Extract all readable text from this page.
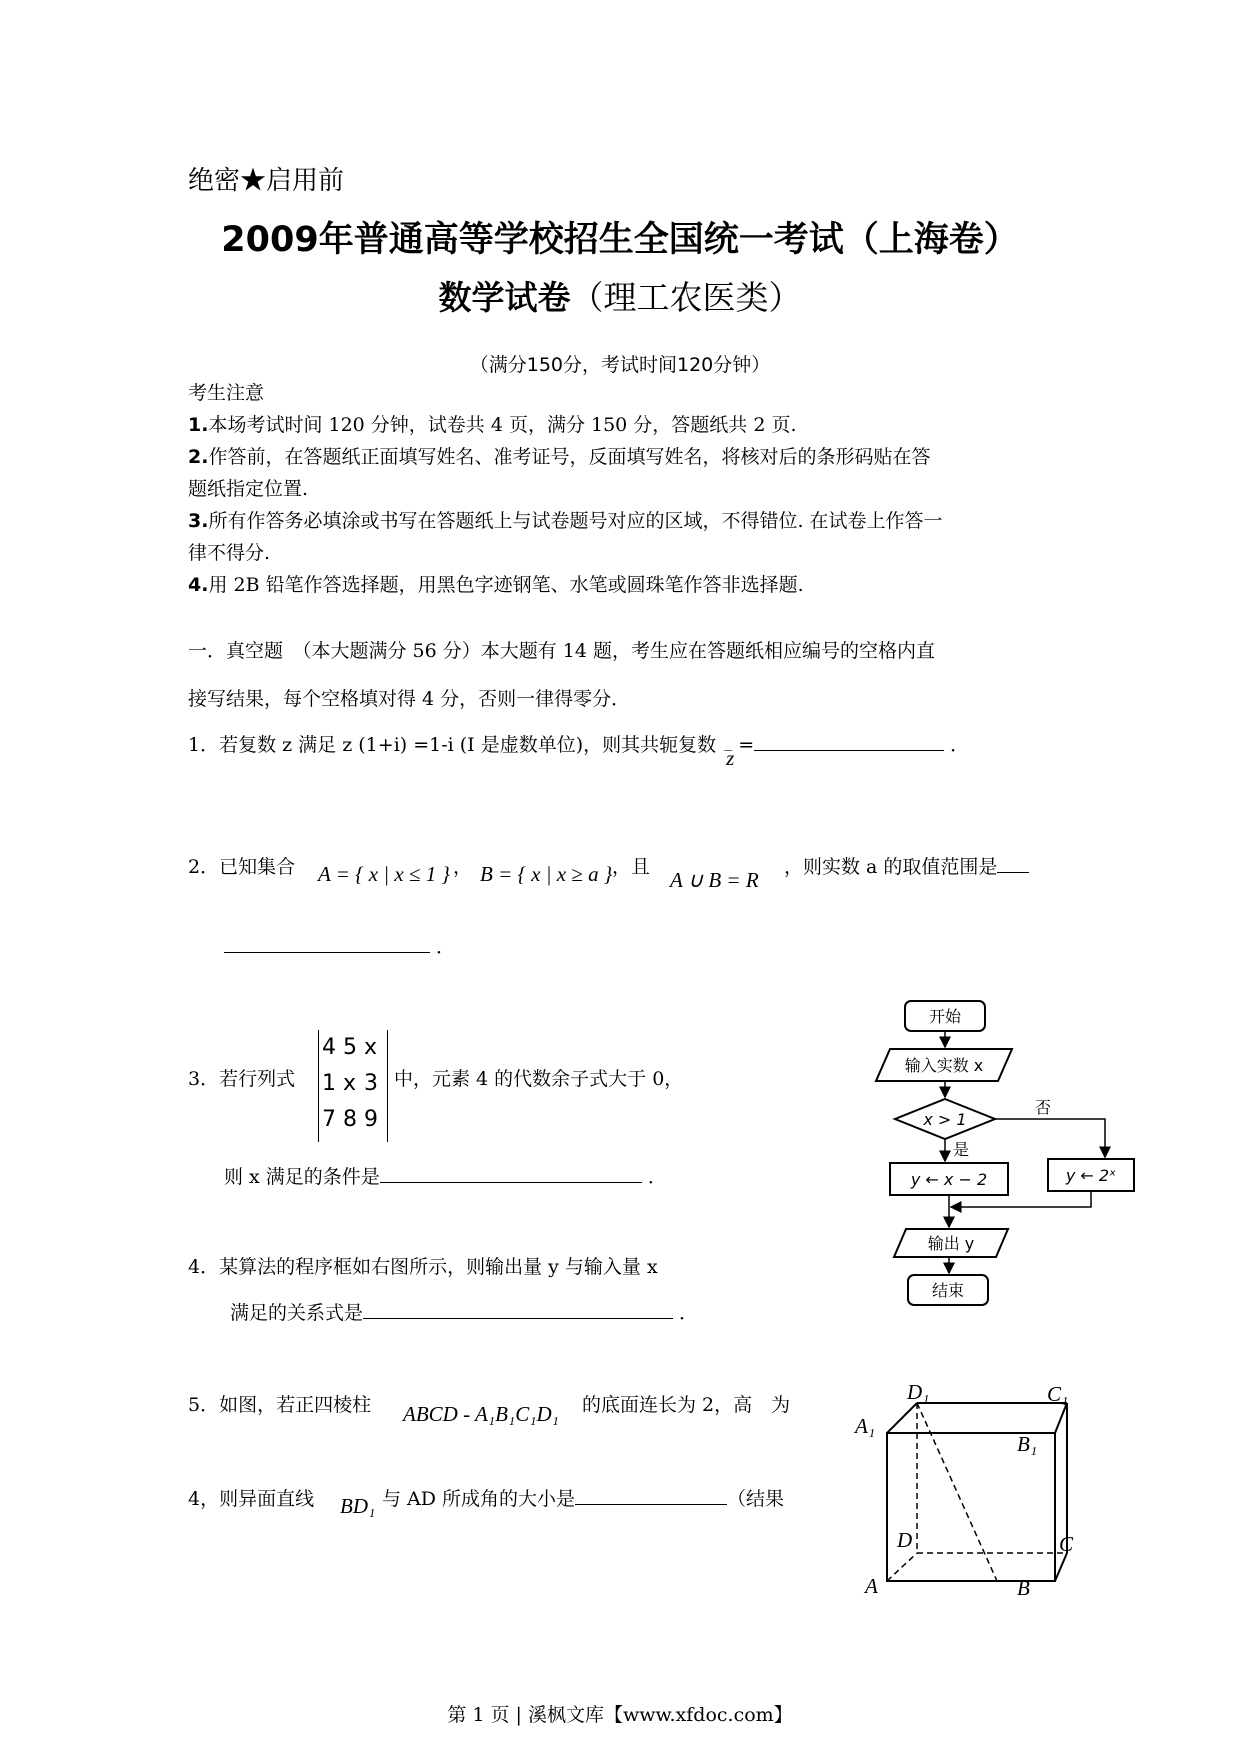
绝密★启用前
2009年普通高等学校招生全国统一考试（上海卷）
数学试卷（理工农医类）
（满分150分，考试时间120分钟）
考生注意
1.本场考试时间 120 分钟，试卷共 4 页，满分 150 分，答题纸共 2 页.
2.作答前，在答题纸正面填写姓名、准考证号，反面填写姓名，将核对后的条形码贴在答
题纸指定位置.
3.所有作答务必填涂或书写在答题纸上与试卷题号对应的区域，不得错位. 在试卷上作答一
律不得分.
4.用 2B 铅笔作答选择题，用黑色字迹钢笔、水笔或圆珠笔作答非选择题.
一．真空题　（本大题满分 56 分）本大题有 14 题，考生应在答题纸相应编号的空格内直
接写结果，每个空格填对得 4 分，否则一律得零分．
1．若复数 z 满足 z (1+i) =1-i (I 是虚数单位)，则其共轭复数 _
z=	．
2．已知集合 A = { x | x ≤ 1 } ， B = { x | x ≥ a } ，且
A ∪ B = R
，则实数 a 的取值范围是
．
3．若行列式
4 5 x
1 x 3
7 8 9
中，元素 4 的代数余子式大于 0，
则 x 满足的条件是	．
4．某算法的程序框如右图所示，则输出量 y 与输入量 x
满足的关系式是	．
5．如图，若正四棱柱 ABCD - A₁B₁C₁D₁ 的底面连长为 2，高　为
4，则异面直线 BD₁ 与 AD 所成角的大小是	（结果
开始
输入实数 x
x > 1
否
是
y ← x − 2	y ← 2ˣ
输出 y
结束
A	B
C
D
A₁
B₁
C₁
D₁
第 1 页 | 溪枫文库【www.xfdoc.com】
